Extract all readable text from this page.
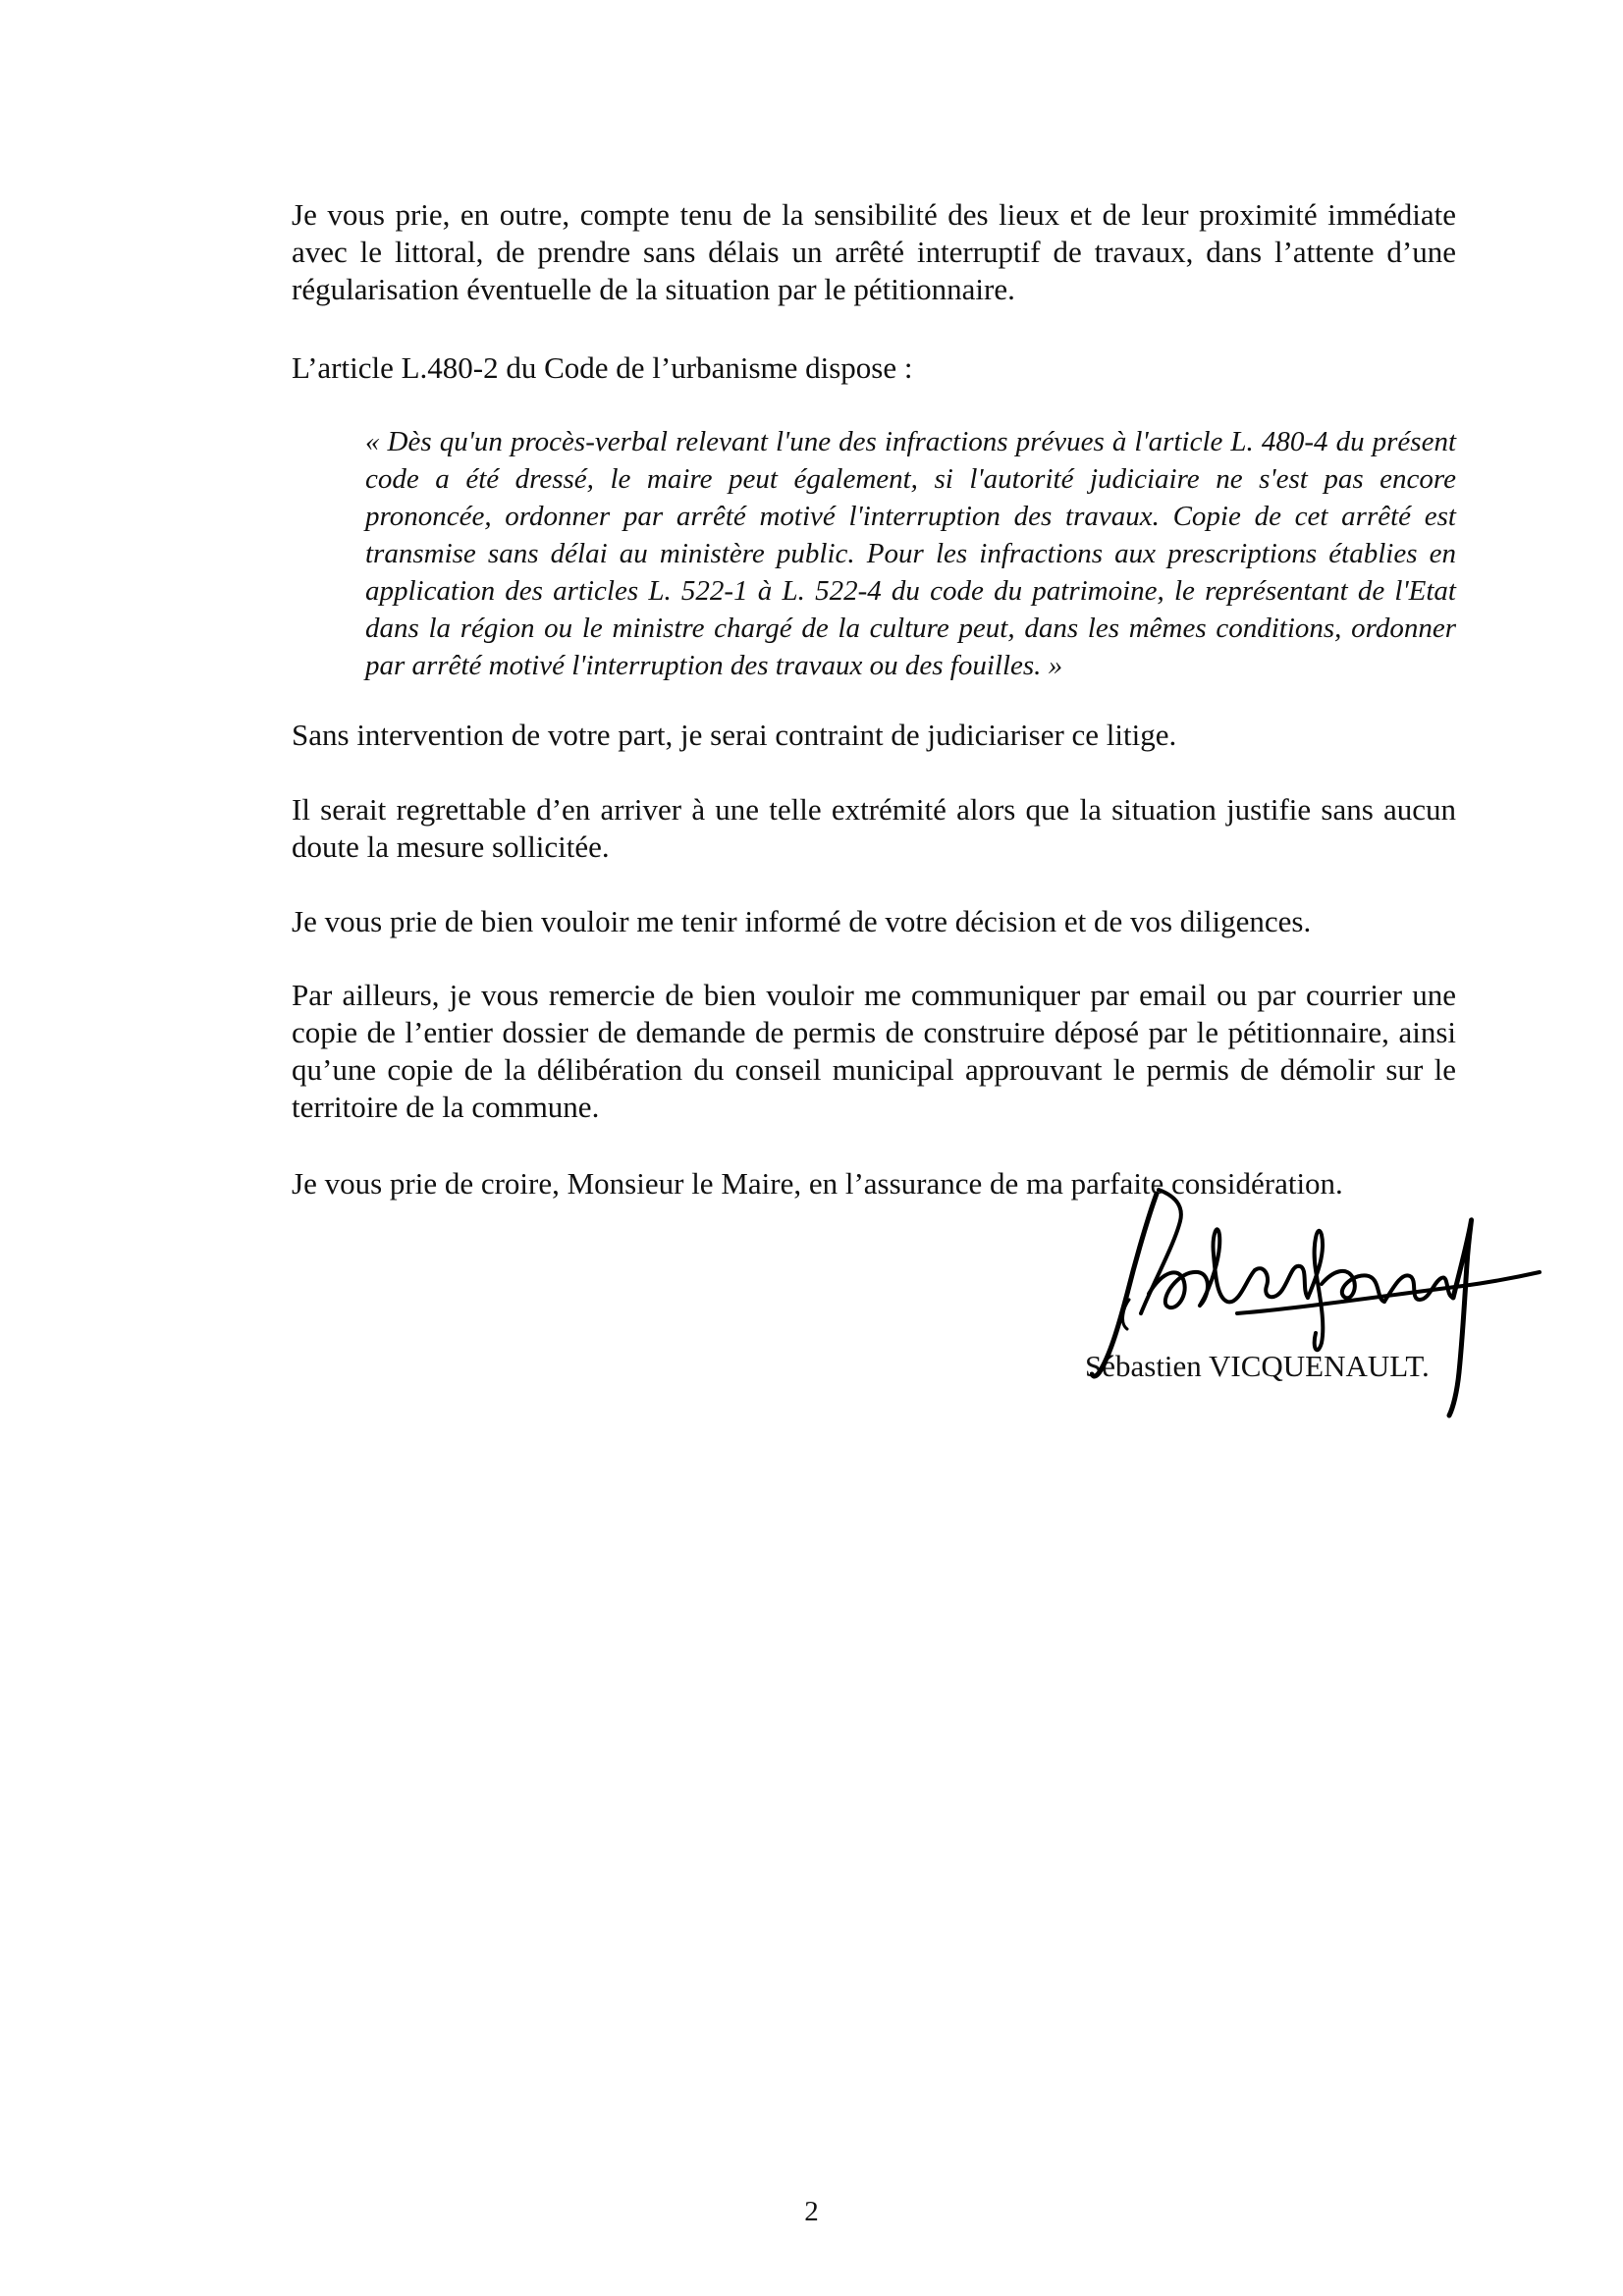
Je vous prie, en outre, compte tenu de la sensibilité des lieux et de leur proximité immédiate avec le littoral, de prendre sans délais un arrêté interruptif de travaux, dans l’attente d’une régularisation éventuelle de la situation par le pétitionnaire.
L’article L.480-2 du Code de l’urbanisme dispose :
« Dès qu'un procès-verbal relevant l'une des infractions prévues à l'article L. 480-4 du présent code a été dressé, le maire peut également, si l'autorité judiciaire ne s'est pas encore prononcée, ordonner par arrêté motivé l'interruption des travaux. Copie de cet arrêté est transmise sans délai au ministère public. Pour les infractions aux prescriptions établies en application des articles L. 522-1 à L. 522-4 du code du patrimoine, le représentant de l'Etat dans la région ou le ministre chargé de la culture peut, dans les mêmes conditions, ordonner par arrêté motivé l'interruption des travaux ou des fouilles. »
Sans intervention de votre part, je serai contraint de judiciariser ce litige.
Il serait regrettable d’en arriver à une telle extrémité alors que la situation justifie sans aucun doute la mesure sollicitée.
Je vous prie de bien vouloir me tenir informé de votre décision et de vos diligences.
Par ailleurs, je vous remercie de bien vouloir me communiquer par email ou par courrier une copie de l’entier dossier de demande de permis de construire déposé par le pétitionnaire, ainsi qu’une copie de la délibération du conseil municipal approuvant le permis de démolir sur le territoire de la commune.
Je vous prie de croire, Monsieur le Maire, en l’assurance de ma parfaite considération.
Sébastien VICQUENAULT.
2
